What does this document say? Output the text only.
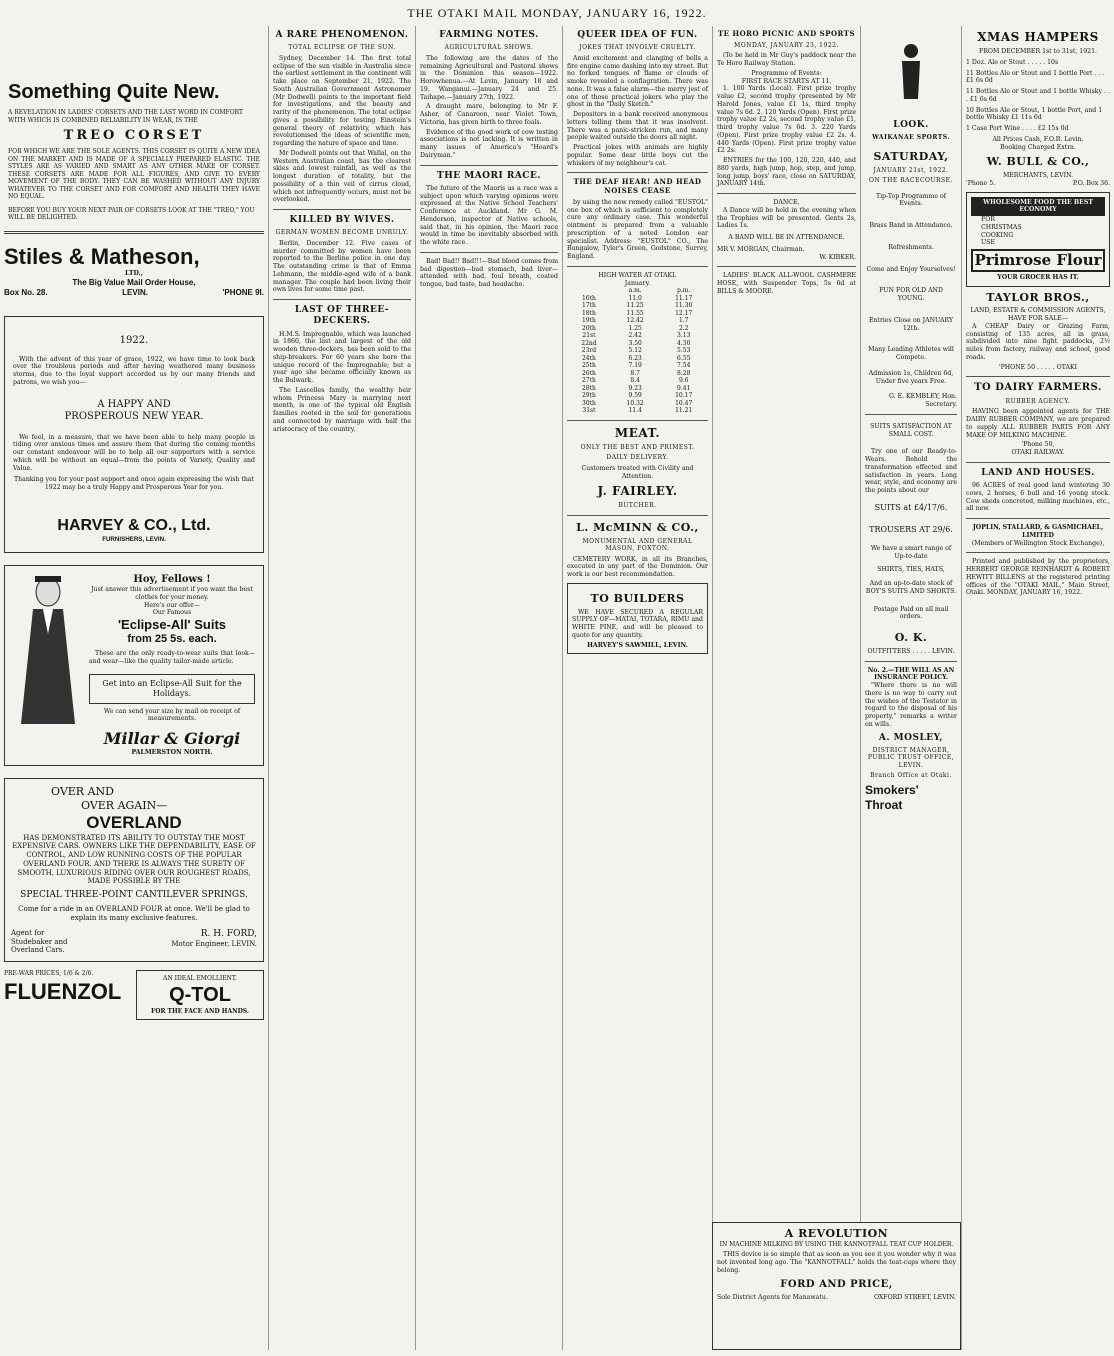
THE OTAKI MAIL MONDAY, JANUARY 16, 1922.
Something Quite New.
A REVELATION IN LADIES' CORSETS AND THE LAST WORD IN COMFORT WITH WHICH IS COMBINED RELIABILITY IN WEAR, IS THE
TREO CORSET
FOR WHICH WE ARE THE SOLE AGENTS. THIS CORSET IS QUITE A NEW IDEA ON THE MARKET AND IS MADE OF A SPECIALLY PREPARED ELASTIC. THE STYLES ARE AS VARIED AND SMART AS ANY OTHER MAKE OF CORSET. THESE CORSETS ARE MADE FOR ALL FIGURES, AND GIVE TO EVERY MOVEMENT OF THE BODY. THEY CAN BE WASHED WITHOUT ANY INJURY WHATEVER TO THE CORSET AND FOR COMFORT AND HEALTH THEY HAVE NO EQUAL.
BEFORE YOU BUY YOUR NEXT PAIR OF CORSETS LOOK AT THE "TREO," YOU WILL BE DELIGHTED.
Stiles & Matheson,
LTD.,
The Big Value Mail Order House,
Box No. 28.	LEVIN.	'PHONE 9l.
1922.
With the advent of this year of grace, 1922, we have time to look back over the troublous periods and after having weathered many business storms, due to the loyal support accorded us by our many friends and patrons, we wish you—
A HAPPY AND
PROSPEROUS NEW YEAR.
We feel, in a measure, that we have been able to help many people in tiding over anxious times and assure them that during the coming months our constant endeavour will be to help all our supporters with a service which will be without an equal—from the points of Variety, Quality and Value.
Thanking you for your past support and once again expressing the wish that 1922 may be a truly Happy and Prosperous Year for you.
HARVEY & CO., Ltd.
FURNISHERS, LEVIN.
Hoy, Fellows !
Just answer this advertisement if you want the best clothes for your money.
Here's our offer—
Our Famous
'Eclipse-All' Suits
from 25 5s. each.
These are the only ready-to-wear suits that look—and wear—like the quality tailor-made article.
Get into an Eclipse-All Suit for the Holidays.
We can send your size by mail on receipt of measurements.
Millar & Giorgi
PALMERSTON NORTH.
OVER AND
OVER AGAIN—
OVERLAND
HAS DEMONSTRATED ITS ABILITY TO OUTSTAY THE MOST EXPENSIVE CARS. OWNERS LIKE THE DEPENDABILITY, EASE OF CONTROL, AND LOW RUNNING COSTS OF THE POPULAR OVERLAND FOUR. AND THERE IS ALWAYS THE SURETY OF SMOOTH, LUXURIOUS RIDING OVER OUR ROUGHEST ROADS, MADE POSSIBLE BY THE
SPECIAL THREE-POINT CANTILEVER SPRINGS.
Come for a ride in an OVERLAND FOUR at once. We'll be glad to explain its many exclusive features.
Agent for Studebaker and Overland Cars.
R. H. FORD,
Motor Engineer, LEVIN.
PRE-WAR PRICES, 1/6 & 2/6.
FLUENZOL	AN IDEAL EMOLLIENT.
Q-TOL
FOR THE FACE AND HANDS.
A RARE PHENOMENON.
TOTAL ECLIPSE OF THE SUN.
Sydney, December 14. The first total eclipse of the sun visible in Australia since the earliest settlement in the continent will take place on September 21, 1922. The South Australian Government Astronomer (Mr Dodwell) points to the important field for investigations, and the beauty and rarity of the phenomenon. The total eclipse gives a possibility for testing Einstein's general theory of relativity, which has revolutionised the ideas of scientific men, regarding the nature of space and time.
Mr Dodwell points out that Wallal, on the Western Australian coast, has the clearest skies and lowest rainfall, as well as the longest duration of totality, but the possibility of a thin veil of cirrus cloud, which not infrequently occurs, must not be overlooked.
KILLED BY WIVES.
GERMAN WOMEN BECOME UNRULY.
Berlin, December 12. Five cases of murder committed by women have been reported to the Berline police in one day. The outstanding crime is that of Emma Lehmann, the middle-aged wife of a bank manager. The couple had been living their own lives for some time past.
LAST OF THREE-DECKERS.
H.M.S. Impregnable, which was launched in 1860, the last and largest of the old wooden three-deckers, has been sold to the ship-breakers. For 60 years she bore the unique record of the Impregnable; but a year ago she became officially known as the Bulwark.
The Lascelles family, the wealthy heir whom Princess Mary is marrying next month, is one of the typical old English families rooted in the soil for generations and connected by marriage with half the aristocracy of the country.
FARMING NOTES.
AGRICULTURAL SHOWS.
The following are the dates of the remaining Agricultural and Pastoral shows in the Dominion this season—1922. Horowhenua.—At Levin, January 18 and 19. Wanganui.—January 24 and 25. Taihape.—January 27th, 1922.
A draught mare, belonging to Mr F. Asher, of Canaroon, near Violet Town, Victoria, has given birth to three foals.
Evidence of the good work of cow testing associations is not lacking. It is written in many issues of America's "Hoard's Dairyman."
THE MAORI RACE.
The future of the Maoris as a race was a subject upon which varying opinions were expressed at the Native School Teachers' Conference at Auckland. Mr G. M. Henderson, inspector of Native schools, said that, in his opinion, the Maori race would in time be inevitably absorbed with the white race.
Bad! Bad!! Bad!!!—Bad blood comes from bad digestion—bad stomach, bad liver—attended with bad, foul breath, coated tongue, bad taste, bad headache.
QUEER IDEA OF FUN.
JOKES THAT INVOLVE CRUELTY.
Amid excitement and clanging of bells a fire engine came dashing into my street. But no forked tongues of flame or clouds of smoke revealed a conflagration. There was none. It was a false alarm—the merry jest of one of those practical jokers who play the ghost in the "Daily Sketch."
Depositors in a bank received anonymous letters telling them that it was insolvent. There was a panic-stricken run, and many people waited outside the doors all night.
Practical jokes with animals are highly popular. Some dear little boys cut the whiskers of my neighbour's cat.
THE DEAF HEAR! AND HEAD NOISES CEASE
by using the new remedy called "EUSTOL" one box of which is sufficient to completely cure any ordinary case. This wonderful ointment is prepared from a valuable prescription of a noted London ear specialist. Address: "EUSTOL" CO., The Bungalow, Tyler's Green, Godstone, Surrey, England.
HIGH WATER AT OTAKI.
January.
	a.m.	p.m.
16th	11.0	11.17
17th	11.25	11.30
18th	11.55	12.17
19th	12.42	1.7
20th	1.25	2.2
21st	2.42	3.13
22nd	3.50	4.30
23rd	5.12	5.53
24th	6.23	6.55
25th	7.19	7.54
26th	8.7	8.28
27th	8.4	9.6
28th	9.23	9.41
29th	9.59	10.17
30th	10.32	10.47
31st	11.4	11.21
MEAT.
ONLY THE BEST AND PRIMEST.
DAILY DELIVERY.
Customers treated with Civility and Attention.
J. FAIRLEY.
BUTCHER.
L. McMINN & CO.,
MONUMENTAL AND GENERAL MASON, FOXTON.
CEMETERY WORK, in all its Branches, executed in any part of the Dominion. Our work is our best recommendation.
TO BUILDERS
WE HAVE SECURED A REGULAR SUPPLY OF—MATAI, TOTARA, RIMU and WHITE PINE, and will be pleased to quote for any quantity.
HARVEY'S SAWMILL, LEVIN.
TE HORO PICNIC AND SPORTS
MONDAY, JANUARY 23, 1922.
(To be held in Mr Guy's paddock near the Te Horo Railway Station.
Programme of Events:
FIRST RACE STARTS AT 11.
1. 100 Yards (Local). First prize trophy value £2, second trophy (presented by Mr Harold Jones, value £1 1s, third trophy value 7s 6d. 2. 120 Yards (Open). First prize trophy value £2 2s, second trophy value £1, third trophy value 7s 6d. 3. 220 Yards (Open). First prize trophy value £2 2s. 4. 440 Yards (Open). First prize trophy value £2 2s.
ENTRIES for the 100, 120, 220, 440, and 880 yards, high jump, hop, step, and jump, long jump, boys' race, close on SATURDAY, JANUARY 14th.
DANCE.
A Dance will be held in the evening when the Trophies will be presented. Gents 2s, Ladies 1s.
A BAND WILL BE IN ATTENDANCE.
MR V. MORGAN, Chairman.
W. KIBKER.
LADIES' BLACK ALL-WOOL CASHMERE HOSE, with Suspender Tops, 5s 6d at BILLS & MOORE.
LOOK.
WAIKANAE SPORTS.
SATURDAY,
JANUARY 21st, 1922.
ON THE RACECOURSE.
Tip-Top Programme of Events.
Brass Band in Attendance.
Refreshments.
Come and Enjoy Yourselves!
FUN FOR OLD AND YOUNG.
Entries Close on JANUARY 12th.
Many Leading Athletes will Compete.
Admission 1s, Children 6d, Under five years Free.
G. E. KEMBLEY, Hon. Secretary.
SUITS SATISFACTION AT SMALL COST.
Try one of our Ready-to-Wears. Behold the transformation effected and satisfaction in years. Long wear, style, and economy are the points about our
SUITS at £4/17/6.
TROUSERS AT 29/6.
We have a smart range of Up-to-date
SHIRTS, TIES, HATS,
And an up-to-date stock of BOY'S SUITS AND SHORTS.
Postage Paid on all mail orders.
O. K.
OUTFITTERS . . . . . LEVIN.
No. 2.—THE WILL AS AN INSURANCE POLICY.
"Where there is no will there is no way to carry out the wishes of the Testator in regard to the disposal of his property," remarks a writer on wills.
A. MOSLEY,
DISTRICT MANAGER, PUBLIC TRUST OFFICE, LEVIN.
Branch Office at Otaki.
Smokers' Throat
XMAS HAMPERS
FROM DECEMBER 1st to 31st, 1921.
1 Doz. Ale or Stout . . . . . 10s
11 Bottles Ale or Stout and 1 bottle Port . . . £1 6s 0d
11 Bottles Ale or Stout and 1 bottle Whisky . . . £1 6s 6d
10 Bottles Ale or Stout, 1 bottle Port, and 1 bottle Whisky £1 11s 6d
1 Case Port Wine . . . . £2 15s 0d
All Prices Cash, F.O.R. Levin.
Booking Charged Extra.
W. BULL & CO.,
MERCHANTS, LEVIN.
'Phone 5.	P.O. Box 36.
WHOLESOME FOOD THE BEST ECONOMY
FOR
CHRISTMAS
COOKING
USE
Primrose Flour
YOUR GROCER HAS IT.
TAYLOR BROS.,
LAND, ESTATE & COMMISSION AGENTS,
HAVE FOR SALE—
A CHEAP Dairy or Grazing Farm, consisting of 135 acres, all in grass, subdivided into nine fight paddocks, 2½ miles from factory, railway and school, good roads.
'PHONE 50 . . . . . OTAKI
TO DAIRY FARMERS.
RUBBER AGENCY.
HAVING been appointed agents for THE DAIRY RUBBER COMPANY, we are prepared to supply ALL RUBBER PARTS FOR ANY MAKE OF MILKING MACHINE.
'Phone 50,
OTAKI RAILWAY.
LAND AND HOUSES.
96 ACRES of real good land wintering 30 cows, 2 horses, 6 bull and 16 young stock. Cow sheds concreted, milking machines, etc., all new.
JOPLIN, STALLARD, & GASMICHAEL, LIMITED
(Members of Wellington Stock Exchange),
Printed and published by the proprietors, HERBERT GEORGE REINHARDT & ROBERT HEWITT BILLENS at the registered printing offices of the "OTAKI MAIL," Main Street, Otaki. MONDAY, JANUARY 16, 1922.
A REVOLUTION
IN MACHINE MILKING BY USING THE KANNOTFALL TEAT CUP HOLDER.
THIS device is so simple that as soon as you see it you wonder why it was not invented long ago. The "KANNOTFALL" holds the teat-cups where they belong.
FORD AND PRICE,
Sole District Agents for Manawatu.	OXFORD STREET, LEVIN.
